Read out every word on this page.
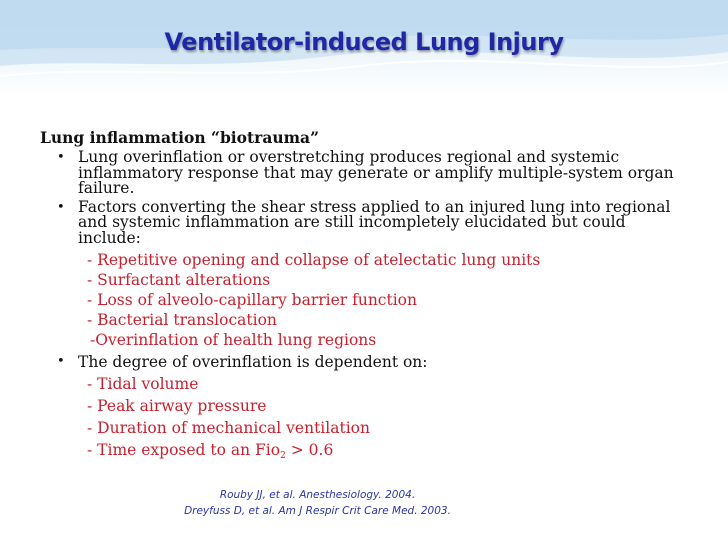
Ventilator-induced Lung Injury
Lung inflammation “biotrauma”
• Lung overinflation or overstretching produces regional and systemic inflammatory response that may generate or amplify multiple-system organ failure.
• Factors converting the shear stress applied to an injured lung into regional and systemic inflammation are still incompletely elucidated but could include:
- Repetitive opening and collapse of atelectatic lung units
- Surfactant alterations
- Loss of alveolo-capillary barrier function
- Bacterial translocation
-Overinflation of health lung regions
• The degree of overinflation is dependent on:
- Tidal volume
- Peak airway pressure
- Duration of mechanical ventilation
- Time exposed to an Fio2 > 0.6
Rouby JJ, et al. Anesthesiology. 2004.
Dreyfuss D, et al. Am J Respir Crit Care Med. 2003.
